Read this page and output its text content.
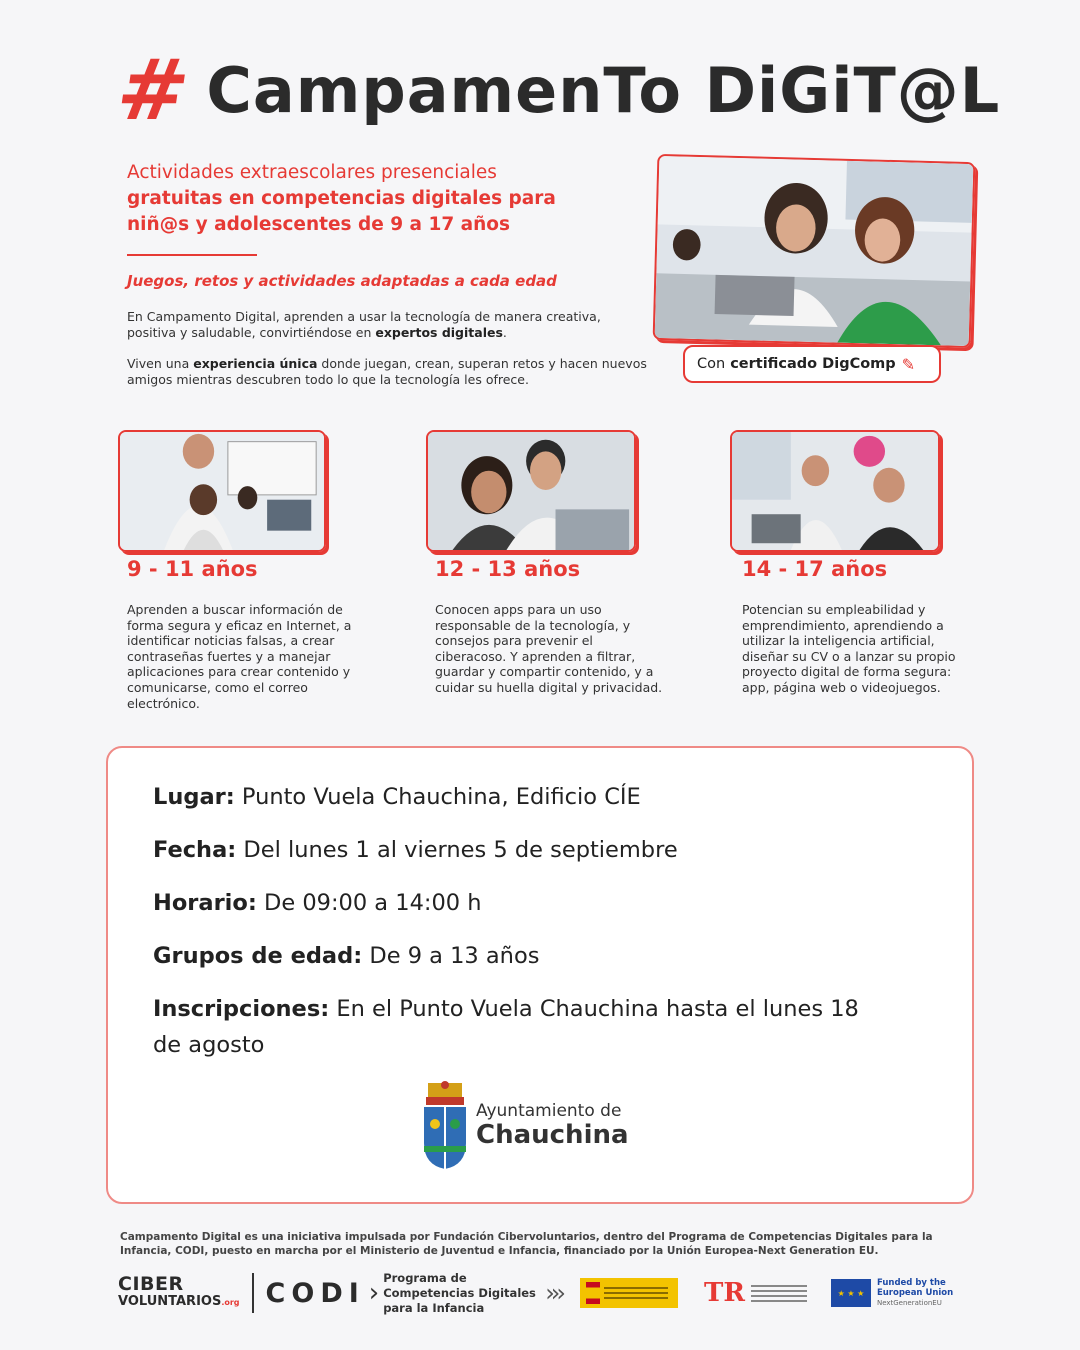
# CampamenTo DiGiT@L
Actividades extraescolares presenciales
gratuitas en competencias digitales para
niñ@s y adolescentes de 9 a 17 años
Juegos, retos y actividades adaptadas a cada edad
En Campamento Digital, aprenden a usar la tecnología de manera creativa, positiva y saludable, convirtiéndose en expertos digitales.
Viven una experiencia única donde juegan, crean, superan retos y hacen nuevos amigos mientras descubren todo lo que la tecnología les ofrece.
Con certificado DigComp ✎
9 - 11 años	12 - 13 años	14 - 17 años
Aprenden a buscar información de forma segura y eficaz en Internet, a identificar noticias falsas, a crear contraseñas fuertes y a manejar aplicaciones para crear contenido y comunicarse, como el correo electrónico.
Conocen apps para un uso responsable de la tecnología, y consejos para prevenir el ciberacoso. Y aprenden a filtrar, guardar y compartir contenido, y a cuidar su huella digital y privacidad.
Potencian su empleabilidad y emprendimiento, aprendiendo a utilizar la inteligencia artificial, diseñar su CV o a lanzar su propio proyecto digital de forma segura: app, página web o videojuegos.
Lugar: Punto Vuela Chauchina, Edificio CÍE
Fecha: Del lunes 1 al viernes 5 de septiembre
Horario: De 09:00 a 14:00 h
Grupos de edad: De 9 a 13 años
Inscripciones: En el Punto Vuela Chauchina hasta el lunes 18 de agosto
Ayuntamiento de
Chauchina
Campamento Digital es una iniciativa impulsada por Fundación Cibervoluntarios, dentro del Programa de Competencias Digitales para la Infancia, CODI, puesto en marcha por el Ministerio de Juventud e Infancia, financiado por la Unión Europea-Next Generation EU.
CIBER
VOLUNTARIOS.org CODI ›
Programa de Competencias Digitales para la Infancia
›››	TR	★ ★ ★
Funded by the
European Union
NextGenerationEU
